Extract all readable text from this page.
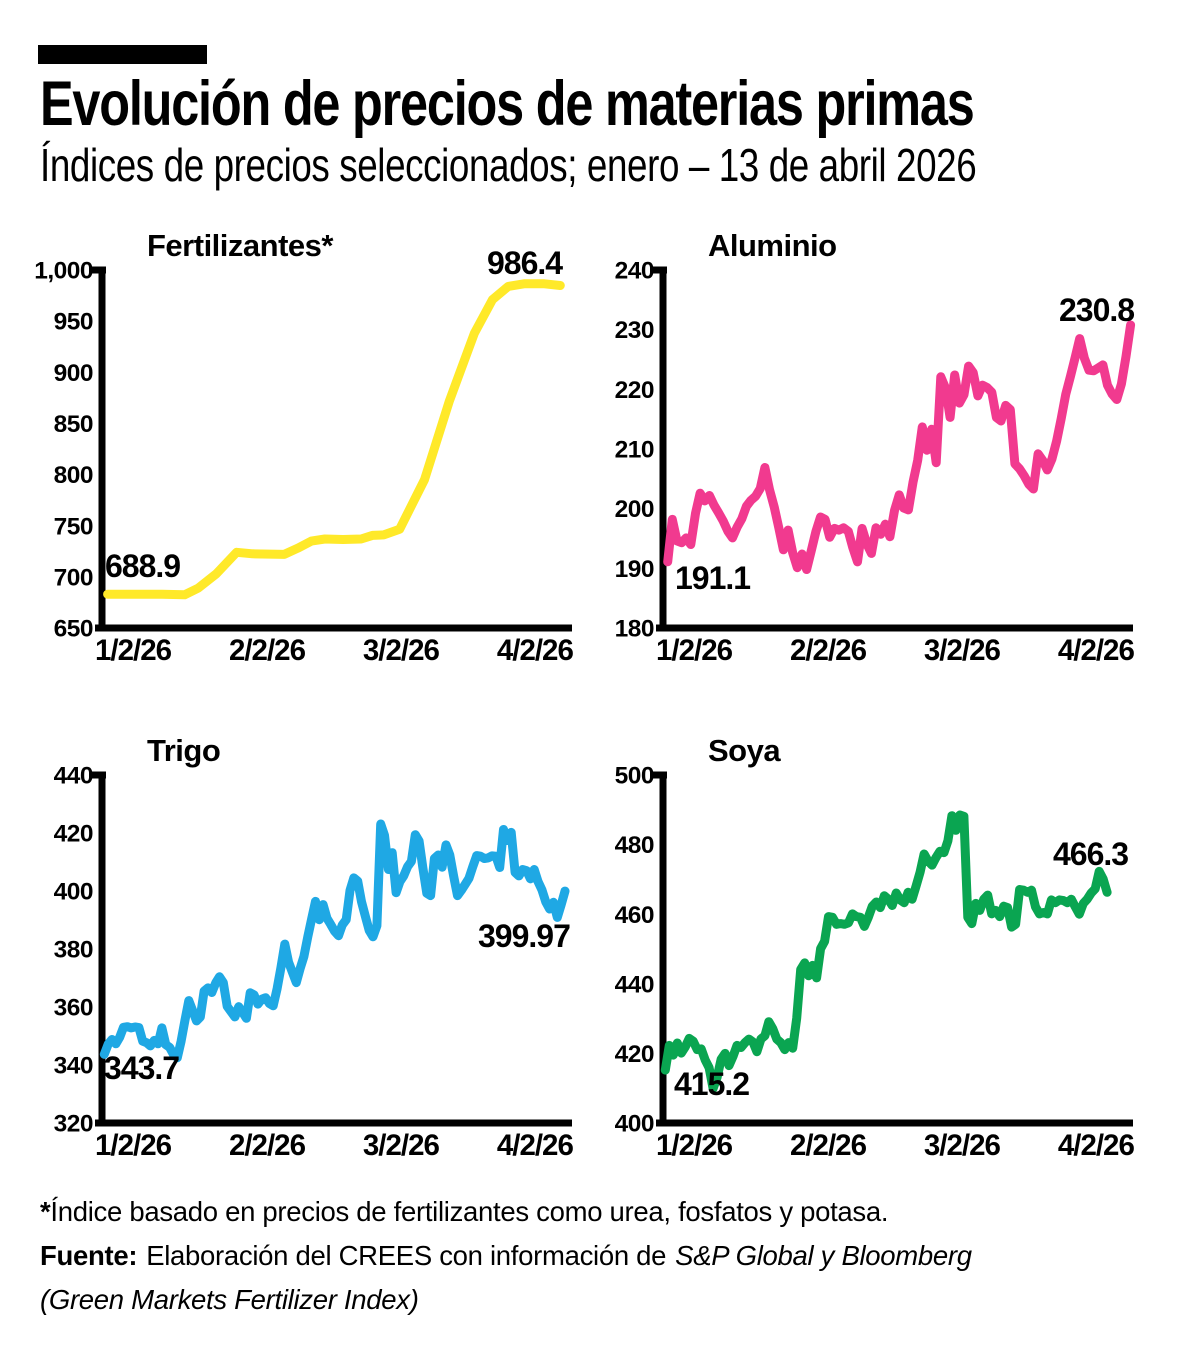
Evolución de precios de materias primas
Índices de precios seleccionados; enero – 13 de abril 2026
Fertilizantes*
650
700
750
800
850
900
950
1,000
1/2/26 2/2/26 3/2/26 4/2/26
688.9
986.4	Aluminio
180
190
200
210
220
230
240
1/2/26 2/2/26 3/2/26 4/2/26
191.1
230.8
Trigo
320
340
360
380
400
420
440
1/2/26 2/2/26 3/2/26 4/2/26
343.7
399.97
Soya
400
420
440
460
480
500
1/2/26 2/2/26 3/2/26 4/2/26
415.2
466.3
*Índice basado en precios de fertilizantes como urea, fosfatos y potasa.
Fuente: Elaboración del CREES con información de S&P Global y Bloomberg
(Green Markets Fertilizer Index)
